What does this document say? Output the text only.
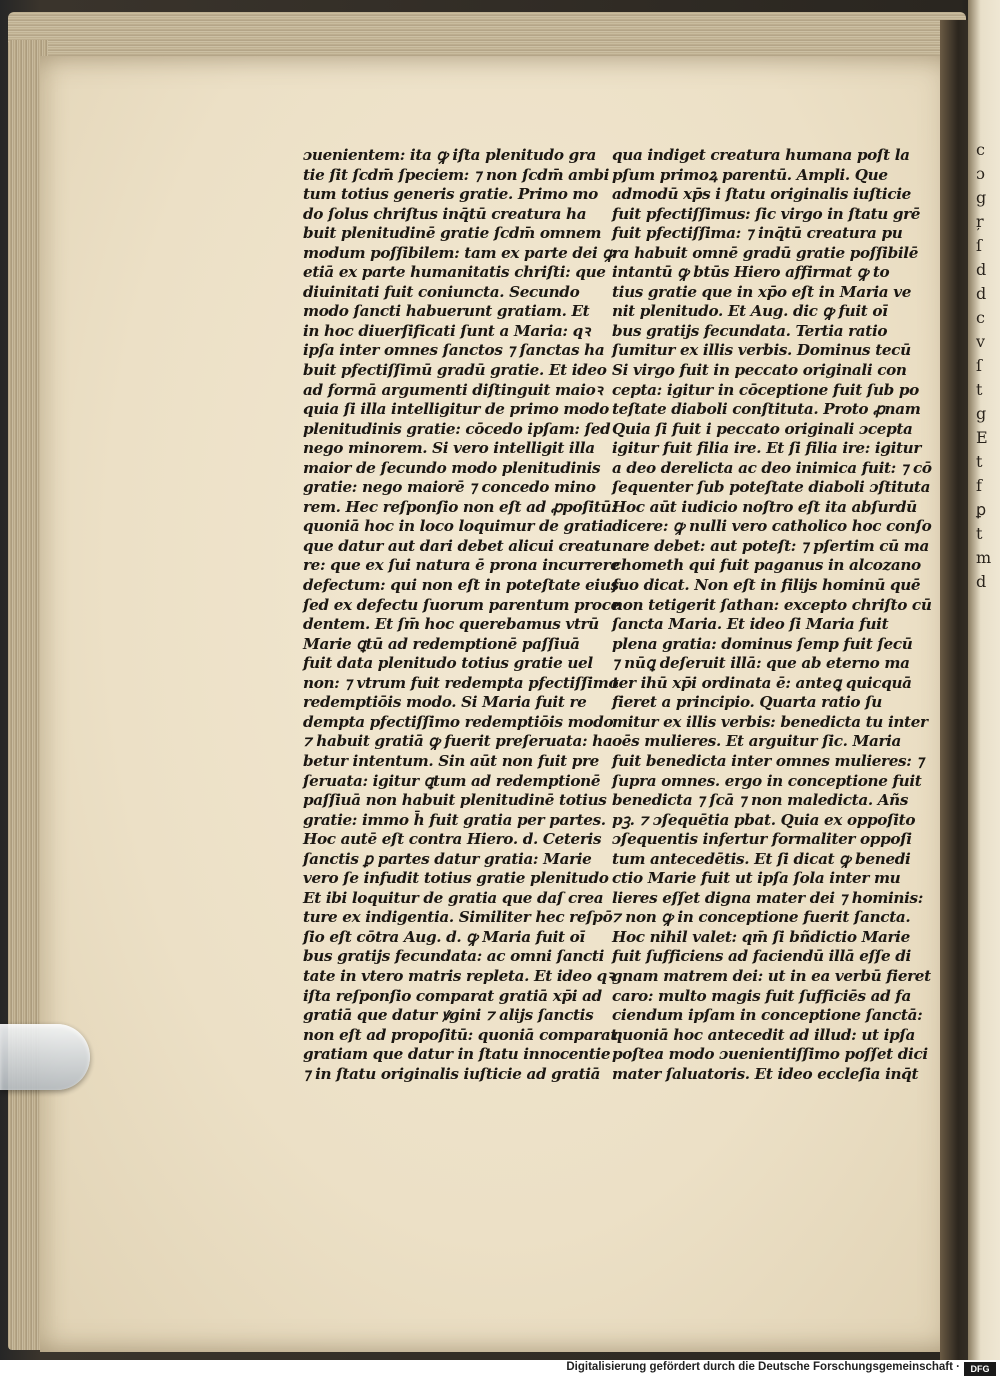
c
ɔ
g
ŗ
ſ
d
d
c
v
ſ
t
g
E
t
f
ꝑ
t
m
d
ɔuenientem: ita ꝙ iſta plenitudo gra
tie ſit ſcdm̄ ſpeciem: ⁊ non ſcdm̄ ambi
tum totius generis gratie. Primo mo
do ſolus chriſtus inq̄tū creatura ha
buit plenitudinē gratie ſcdm̄ omnem
modum poſſibilem: tam ex parte dei ꝙ
etiā ex parte humanitatis chriſti: que
diuinitati fuit coniuncta. Secundo
modo ſancti habuerunt gratiam. Et
in hoc diuerſificati ſunt a Maria: qꝛ
ipſa inter omnes ſanctos ⁊ ſanctas ha
buit pfectiſſimū gradū gratie. Et ideo
ad formā argumenti diſtinguit maioꝛ
quia ſi illa intelligitur de primo modo
plenitudinis gratie: cōcedo ipſam: ſed
nego minorem. Si vero intelligit illa
maior de ſecundo modo plenitudinis
gratie: nego maiorē ⁊ concedo mino
rem. Hec reſponſio non eſt ad ꝓpoſitū:
quoniā hoc in loco loquimur de gratia
que datur aut dari debet alicui creatu
re: que ex ſui natura ē prona incurrere
defectum: qui non eſt in poteſtate eius:
ſed ex defectu ſuorum parentum proce
dentem. Et ſm̄ hoc querebamus vtrū
Marie ꝗtū ad redemptionē paſſiuā
fuit data plenitudo totius gratie uel
non: ⁊ vtrum fuit redempta pfectiſſimo
redemptiōis modo. Si Maria fuit re
dempta pfectiſſimo redemptiōis modo
⁊ habuit gratiā ꝙ fuerit preſeruata: ha
betur intentum. Sin aūt non fuit pre
ſeruata: igitur ꝗtum ad redemptionē
paſſiuā non habuit plenitudinē totius
gratie: immo h̄ fuit gratia per partes.
Hoc autē eſt contra Hiero. d. Ceteris
ſanctis ꝑ partes datur gratia: Marie
vero ſe infudit totius gratie plenitudo
Et ibi loquitur de gratia que daſ crea
ture ex indigentia. Similiter hec reſpō
ſio eſt cōtra Aug. d. ꝙ Maria fuit oī
bus gratijs fecundata: ac omni ſancti
tate in vtero matris repleta. Et ideo qꝛ
iſta reſponſio comparat gratiā xp̄i ad
gratiā que datur ꝟgini ⁊ alijs ſanctis
non eſt ad propoſitū: quoniā comparat
gratiam que datur in ſtatu innocentie
⁊ in ſtatu originalis iuſticie ad gratiā
qua indiget creatura humana poſt la
pſum primoꝝ parentū. Ampli. Que
admodū xp̄s i ſtatu originalis iuſticie
fuit pfectiſſimus: ſic virgo in ſtatu grē
fuit pfectiſſima: ⁊ inq̄tū creatura pu
ra habuit omnē gradū gratie poſſibilē
intantū ꝙ btūs Hiero affirmat ꝙ to
tius gratie que in xp̄o eſt in Maria ve
nit plenitudo. Et Aug. dic ꝙ fuit oī
bus gratijs fecundata. Tertia ratio
ſumitur ex illis verbis. Dominus tecū
Si virgo fuit in peccato originali con
cepta: igitur in cōceptione fuit ſub po
teſtate diaboli conſtituta. Proto ꝓnam
Quia ſi fuit i peccato originali ɔcepta
igitur fuit filia ire. Et ſi filia ire: igitur
a deo derelicta ac deo inimica fuit: ⁊ cō
ſequenter ſub poteſtate diaboli ɔſtituta
Hoc aūt iudicio noſtro eſt ita abſurdū
dicere: ꝙ nulli vero catholico hoc conſo
nare debet: aut poteſt: ⁊ pſertim cū ma
chometh qui fuit paganus in alcozano
ſuo dicat. Non eſt in filijs hominū quē
non tetigerit ſathan: excepto chriſto cū
ſancta Maria. Et ideo ſi Maria fuit
plena gratia: dominus ſemp fuit ſecū
⁊ nūꝗ deſeruit illā: que ab eterno ma
ter ihū xp̄i ordinata ē: anteꝗ quicquā
fieret a principio. Quarta ratio ſu
mitur ex illis verbis: benedicta tu inter
oēs mulieres. Et arguitur ſic. Maria
fuit benedicta inter omnes mulieres: ⁊
ſupra omnes. ergo in conceptione fuit
benedicta ⁊ ſcā ⁊ non maledicta. Añs
pꝫ. ⁊ ɔſequētia pbat. Quia ex oppoſito
ɔſequentis infertur formaliter oppoſi
tum antecedētis. Et ſi dicat ꝙ benedi
ctio Marie fuit ut ipſa ſola inter mu
lieres eſſet digna mater dei ⁊ hominis:
⁊ non ꝙ in conceptione fuerit ſancta.
Hoc nihil valet: qm̄ ſi bñdictio Marie
fuit ſufficiens ad faciendū illā eſſe di
gnam matrem dei: ut in ea verbū fieret
caro: multo magis fuit ſufficiēs ad fa
ciendum ipſam in conceptione ſanctā:
quoniā hoc antecedit ad illud: ut ipſa
poſtea modo ɔuenientiſſimo poſſet dici
mater ſaluatoris. Et ideo eccleſia inq̄t
Digitalisierung gefördert durch die Deutsche Forschungsgemeinschaft ·	DFG
